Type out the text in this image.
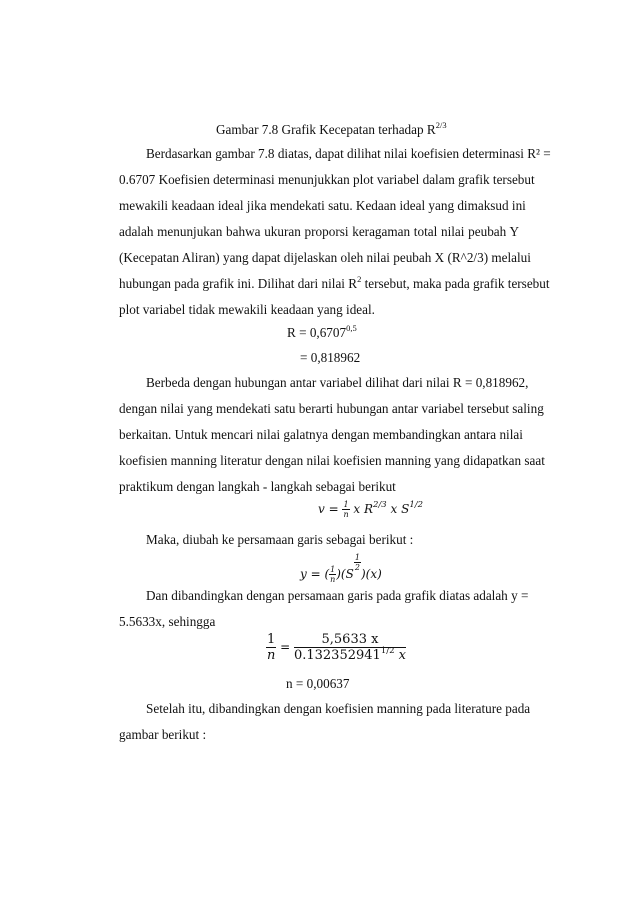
Gambar 7.8 Grafik Kecepatan terhadap $R^{2/3}$
Berdasarkan gambar 7.8 diatas, dapat dilihat nilai koefisien determinasi R² =
0.6707 Koefisien determinasi menunjukkan plot variabel dalam grafik tersebut
mewakili keadaan ideal jika mendekati satu. Kedaan ideal yang dimaksud ini
adalah menunjukan bahwa ukuran proporsi keragaman total nilai peubah Y
(Kecepatan Aliran) yang dapat dijelaskan oleh nilai peubah X (R^2/3) melalui
hubungan pada grafik ini. Dilihat dari nilai $R^2$ tersebut, maka pada grafik tersebut
plot variabel tidak mewakili keadaan yang ideal.
$R = 0,6707^{0,5}$
= 0,818962
Berbeda dengan hubungan antar variabel dilihat dari nilai R = 0,818962,
dengan nilai yang mendekati satu berarti hubungan antar variabel tersebut saling
berkaitan. Untuk mencari nilai galatnya dengan membandingkan antara nilai
koefisien manning literatur dengan nilai koefisien manning yang didapatkan saat
praktikum dengan langkah - langkah sebagai berikut
$v = \frac{1}{n}$ x $R^{2/3}$ x $S^{1/2}$
Maka, diubah ke persamaan garis sebagai berikut :
y = ( $\frac{1}{n} )(S$
$^{\frac{1}{2}}$
)(x)
Dan dibandingkan dengan persamaan garis pada grafik diatas adalah y =
5.5633x, sehingga
$\frac{1}{n} = \frac{5,5633 x}{0.132352941^{1/2} x}$
n = 0,00637
Setelah itu, dibandingkan dengan koefisien manning pada literature pada
gambar berikut :
